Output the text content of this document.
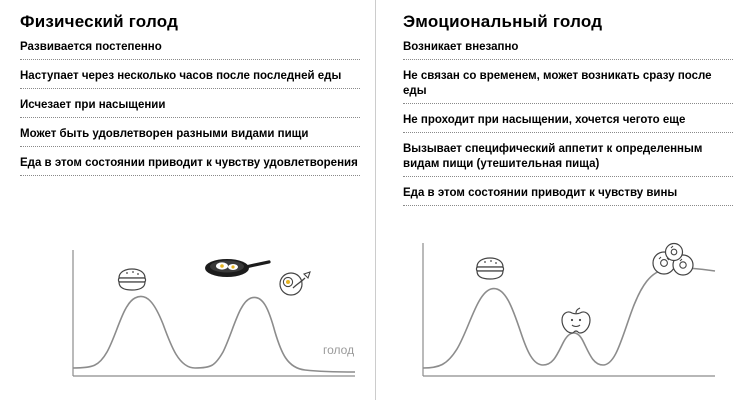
Физический голод
Развивается постепенно
Наступает через несколько часов после последней еды
Исчезает при насыщении
Может быть удовлетворен разными видами пищи
Еда в этом состоянии приводит к чувству удовлетворения
голод
Эмоциональный голод
Возникает внезапно
Не связан со временем, может возникать сразу после еды
Не проходит при насыщении, хочется чегото еще
Вызывает специфический аппетит к определенным видам пищи (утешительная пища)
Еда в этом состоянии приводит к чувству вины
